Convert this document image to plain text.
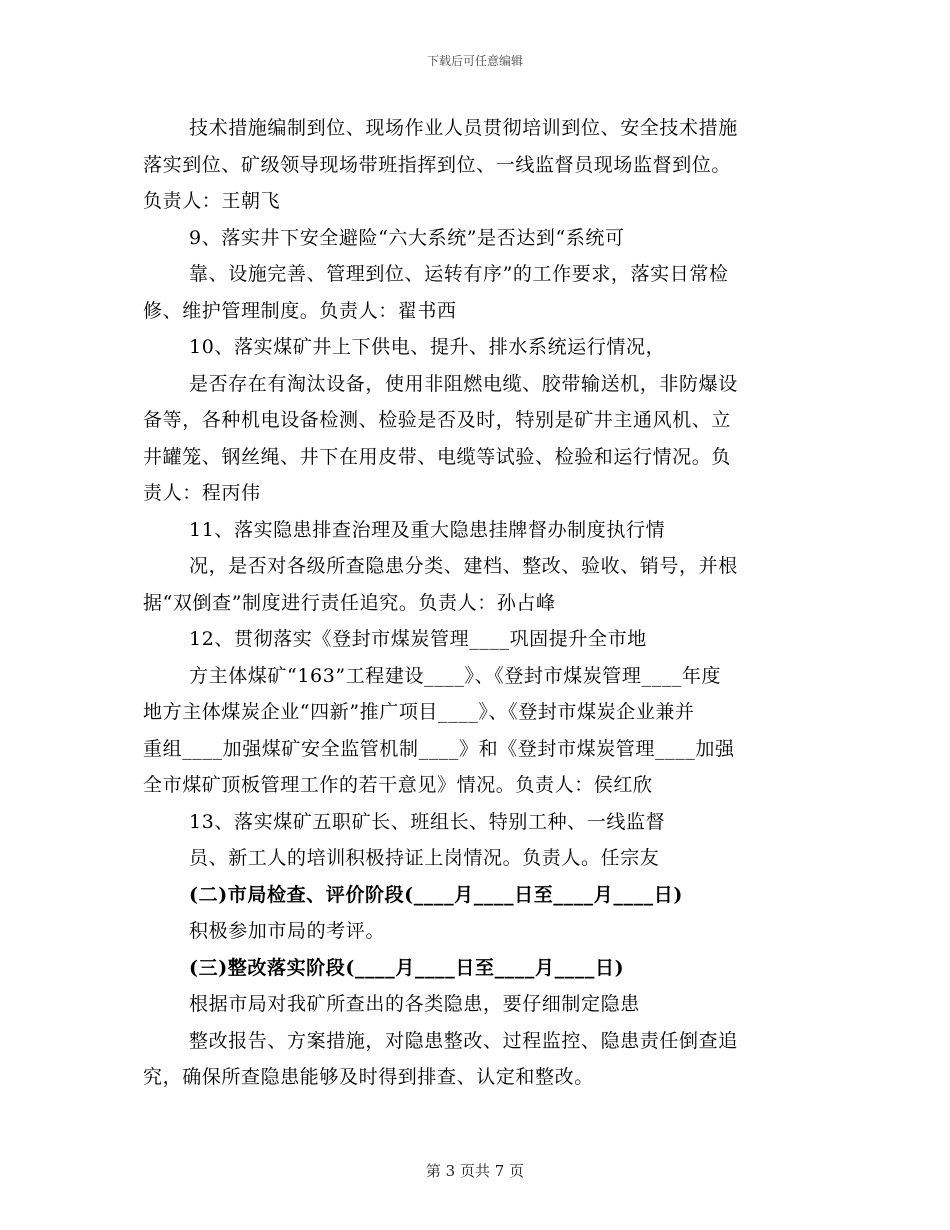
下载后可任意编辑

技术措施编制到位、现场作业人员贯彻培训到位、安全技术措施

落实到位、矿级领导现场带班指挥到位、一线监督员现场监督到位。

负责人：王朝飞

9、落实井下安全避险“六大系统”是否达到“系统可

靠、设施完善、管理到位、运转有序”的工作要求，落实日常检

修、维护管理制度。负责人：翟书西

10、落实煤矿井上下供电、提升、排水系统运行情况，

是否存在有淘汰设备，使用非阻燃电缆、胶带输送机，非防爆设

备等，各种机电设备检测、检验是否及时，特别是矿井主通风机、立

井罐笼、钢丝绳、井下在用皮带、电缆等试验、检验和运行情况。负

责人：程丙伟

11、落实隐患排查治理及重大隐患挂牌督办制度执行情

况，是否对各级所查隐患分类、建档、整改、验收、销号，并根

据“双倒查”制度进行责任追究。负责人：孙占峰

12、贯彻落实《登封市煤炭管理____巩固提升全市地

方主体煤矿“163”工程建设____》、《登封市煤炭管理____年度

地方主体煤炭企业“四新”推广项目____》、《登封市煤炭企业兼并

重组____加强煤矿安全监管机制____》和《登封市煤炭管理____加强

全市煤矿顶板管理工作的若干意见》情况。负责人：侯红欣

13、落实煤矿五职矿长、班组长、特别工种、一线监督

员、新工人的培训积极持证上岗情况。负责人。任宗友

(二)市局检查、评价阶段(____月____日至____月____日)

积极参加市局的考评。

(三)整改落实阶段(____月____日至____月____日)

根据市局对我矿所查出的各类隐患，要仔细制定隐患

整改报告、方案措施，对隐患整改、过程监控、隐患责任倒查追

究，确保所查隐患能够及时得到排查、认定和整改。

第 3 页共 7 页
